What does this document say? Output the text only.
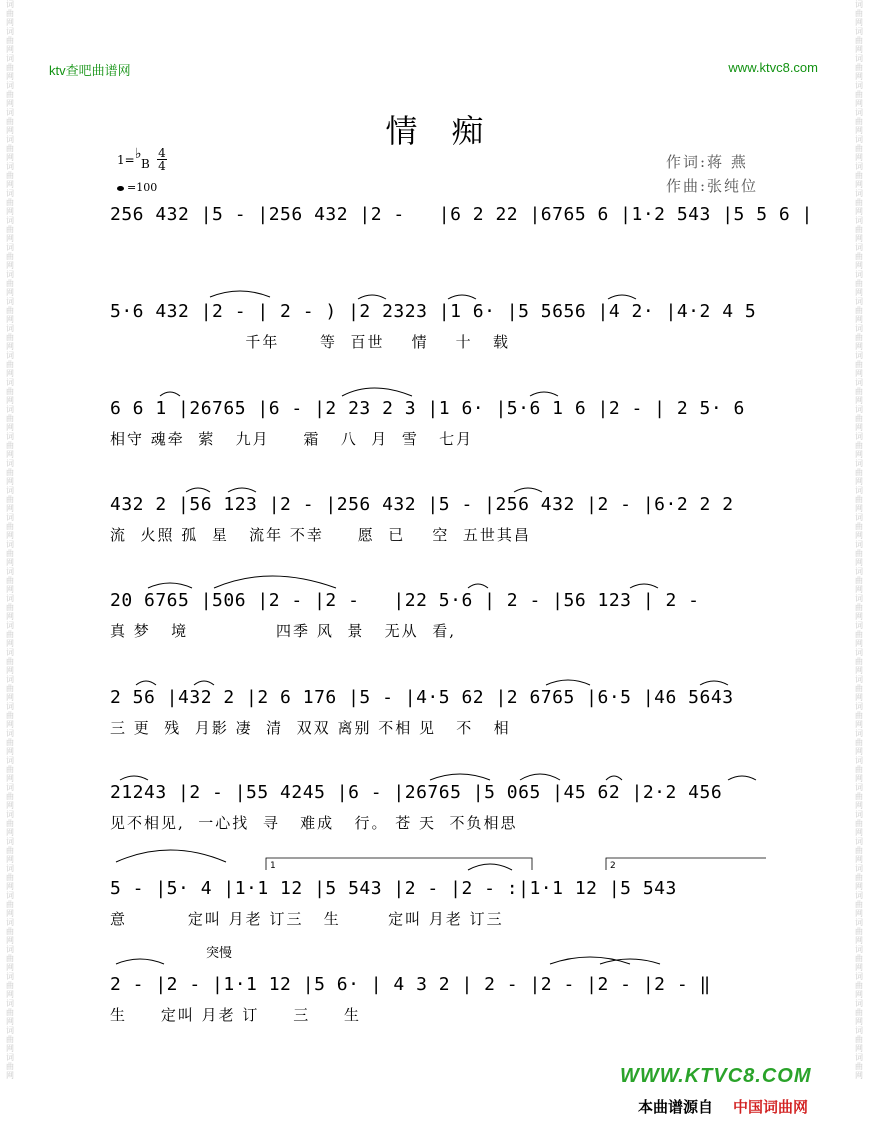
词曲网词曲网词曲网词曲网词曲网词曲网词曲网词曲网词曲网词曲网词曲网词曲网词曲网词曲网词曲网词曲网词曲网词曲网词曲网词曲网词曲网词曲网词曲网词曲网词曲网词曲网词曲网词曲网词曲网词曲网词曲网词曲网词曲网词曲网词曲网词曲网词曲网词曲网词曲网词曲网
词曲网词曲网词曲网词曲网词曲网词曲网词曲网词曲网词曲网词曲网词曲网词曲网词曲网词曲网词曲网词曲网词曲网词曲网词曲网词曲网词曲网词曲网词曲网词曲网词曲网词曲网词曲网词曲网词曲网词曲网词曲网词曲网词曲网词曲网词曲网词曲网词曲网词曲网词曲网词曲网
ktv查吧曲谱网	www.ktvc8.com
情痴
1= ♭
B
4
4
=100
作词:蒋 燕
作曲:张纯位
256 432 |5 - |256 432 |2 -   |6 2 22 |6765 6 |1·2 543 |5 5 6 |
5·6 432 |2 - | 2 - ) |2 2323 |1 6· |5 5656 |4 2· |4·2 4 5
千年      等  百世    情    十   载
6 6 1 |26765 |6 - |2 23 2 3 |1 6· |5·6 1 6 |2 - | 2 5· 6
相守 魂牵  萦   九月     霜   八  月  雪   七月
432 2 |56 123 |2 - |256 432 |5 - |256 432 |2 - |6·2 2 2
流  火照 孤  星   流年 不幸     愿  已    空  五世其昌
20 6765 |506 |2 - |2 -   |22 5·6 | 2 - |56 123 | 2 -
真 梦   境             四季 风  景   无从  看,
2 56 |432 2 |2 6 176 |5 - |4·5 62 |2 6765 |6·5 |46 5643
三 更  残  月影 凄  清  双双 离别 不相 见   不   相
21243 |2 - |55 4245 |6 - |26765 |5 065 |45 62 |2·2 456
见不相见,  一心找  寻   难成   行。 苍 天  不负相思
1	2
5 - |5· 4 |1·1 12 |5 543 |2 - |2 - :|1·1 12 |5 543
意         定叫 月老 订三   生       定叫 月老 订三
突慢
2 - |2 - |1·1 12 |5 6· | 4 3 2 | 2 - |2 - |2 - |2 - ‖
生     定叫 月老 订     三     生
WWW.KTVC8.COM
本曲谱源自 中国词曲网
